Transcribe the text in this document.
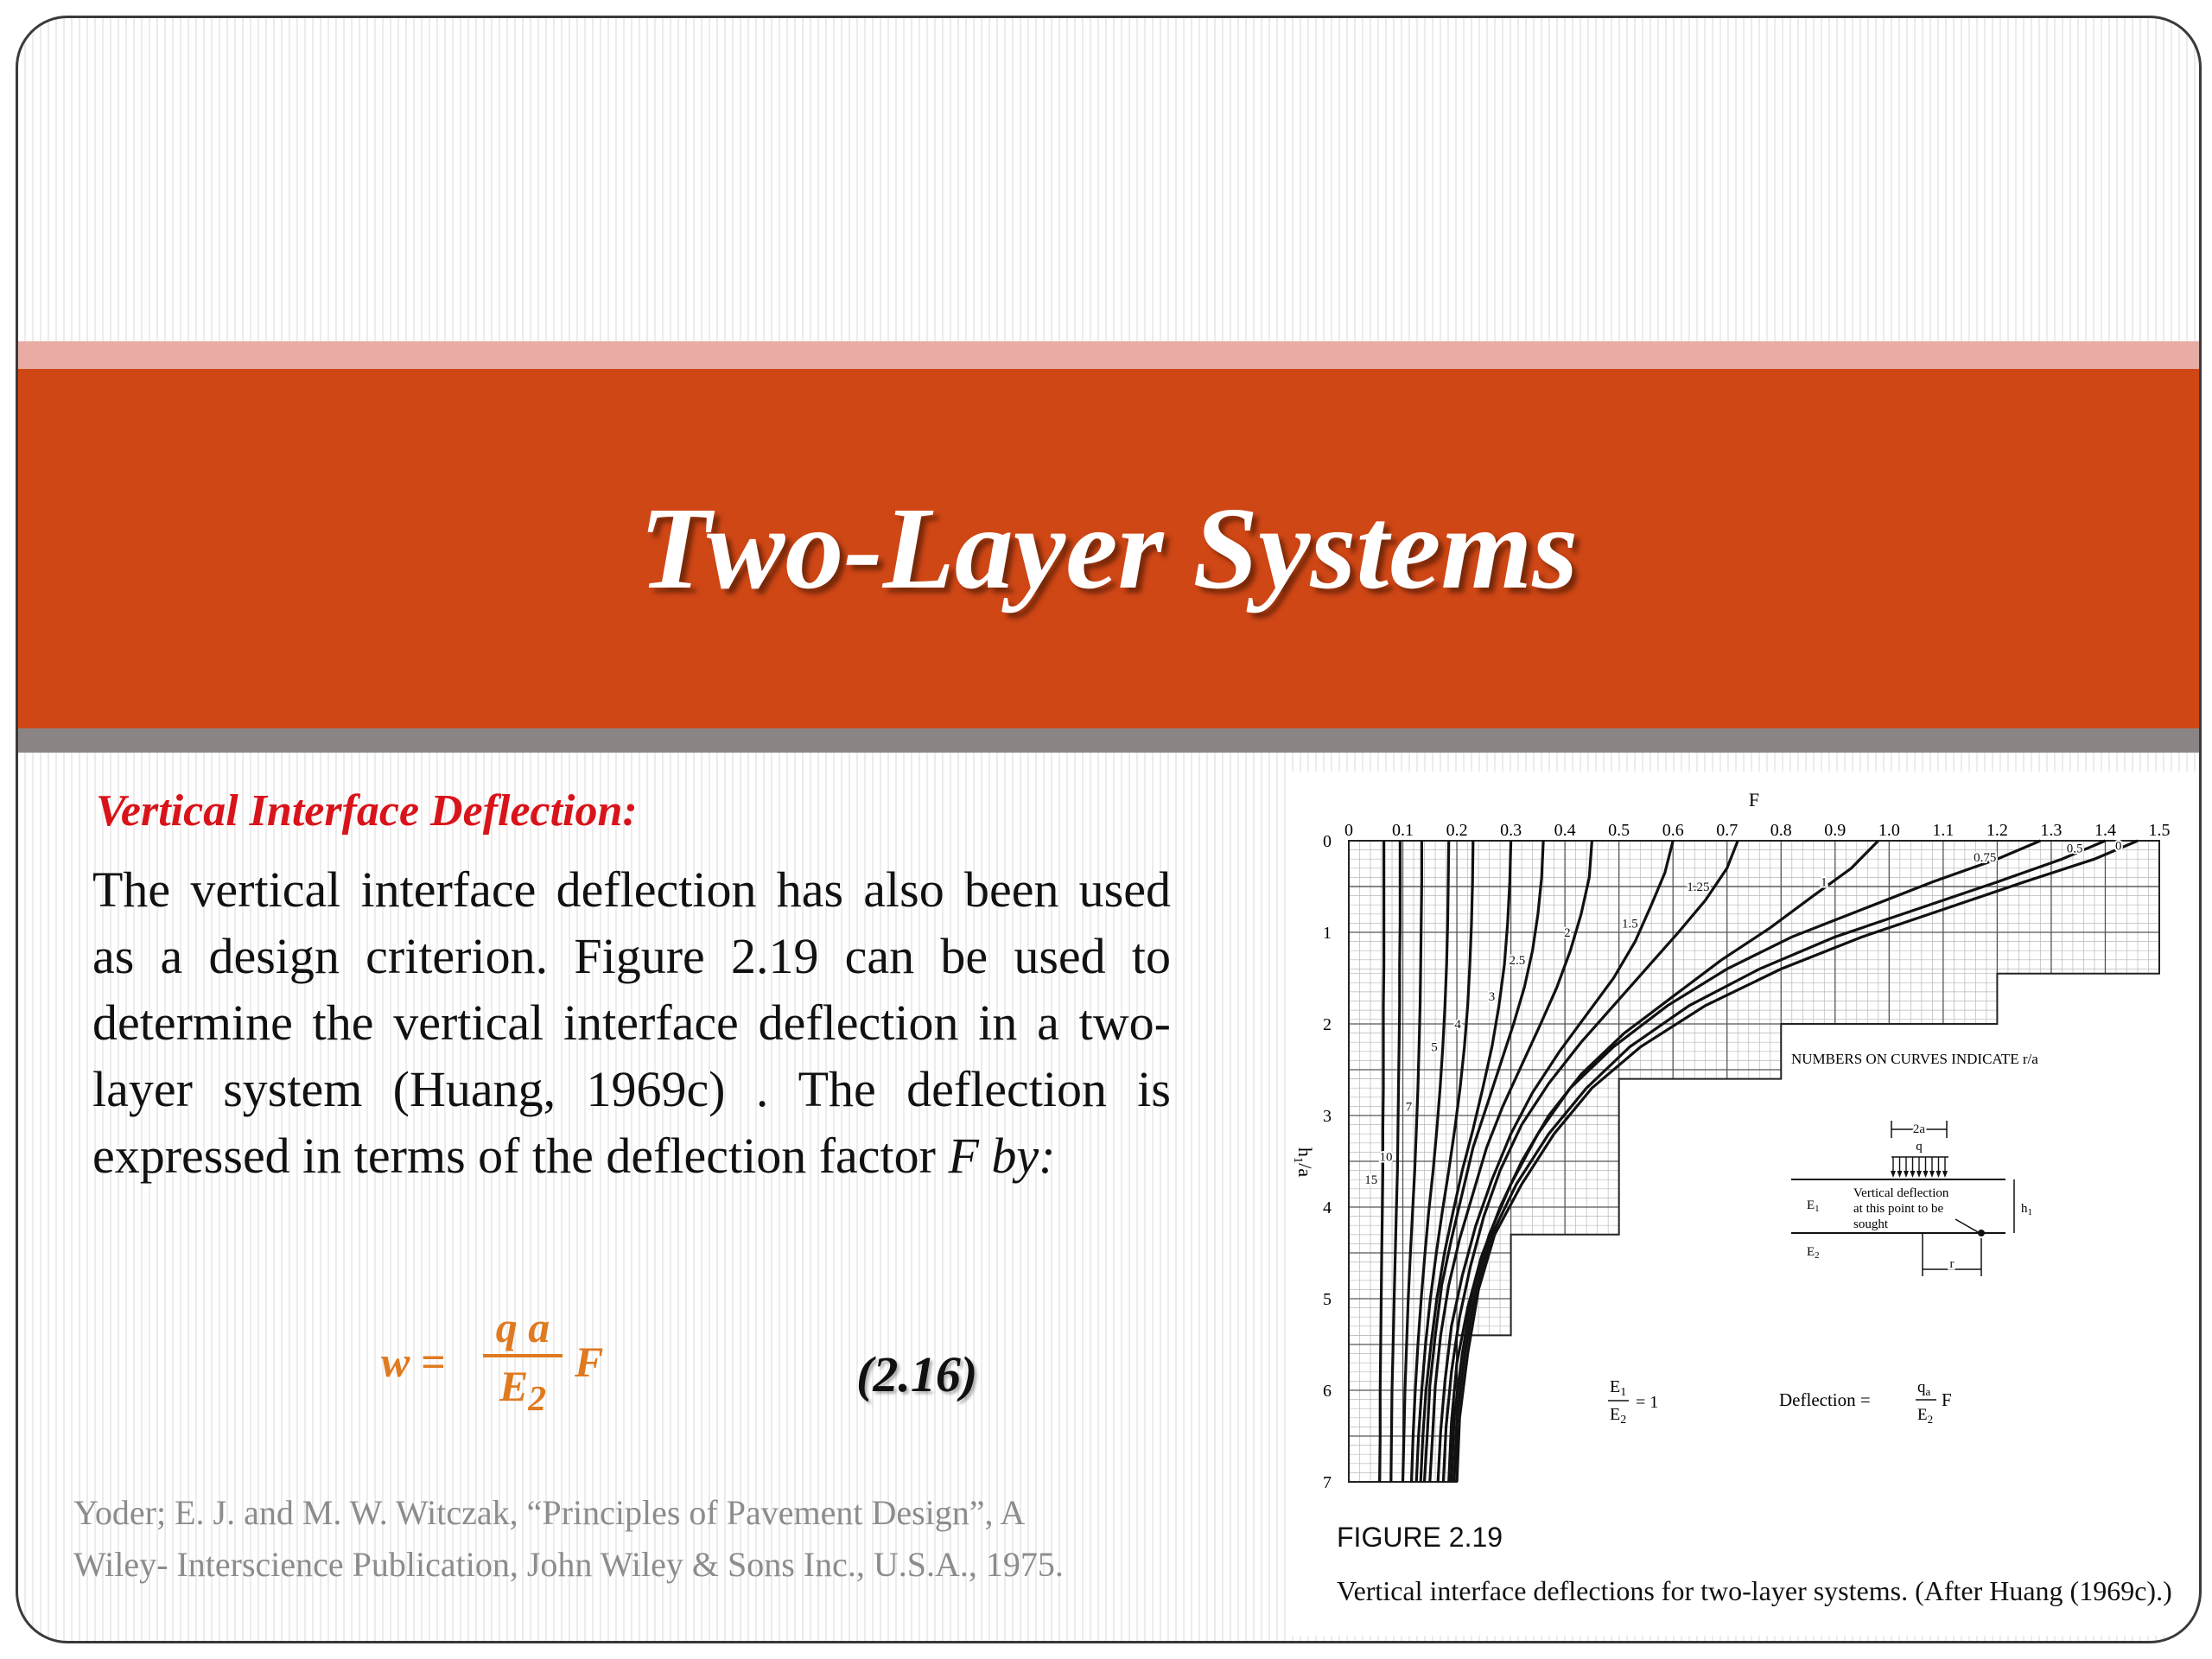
Two-Layer Systems
Vertical Interface Deflection:
The vertical interface deflection has also been used as a design criterion. Figure 2.19 can be used to determine the vertical interface deflection in a two-layer system (Huang, 1969c) . The deflection is expressed in terms of the deflection factor F by:
$w = \frac{\text{q a}}{E_2}$ F	(2.16)
Yoder; E. J. and M. W. Witczak, “Principles of Pavement Design”, A
Wiley- Interscience Publication, John Wiley & Sons Inc., U.S.A., 1975.
0
0.5
0.75
1
1.25
1.5
2
2.5
3
4
5
7
10
15
0 0.1 0.2 0.3 0.4 0.5 0.6 0.7 0.8 0.9 1.0 1.1 1.2 1.3 1.4 1.5
0
1
2
3
4
5
6
7
F
$h_1/a$
NUMBERS ON CURVES INDICATE r/a
2a
q
Vertical deflection
at this point to be
sought
$E_1$
$E_2$
$h_1$
r
$E_1$
$E_2$
= 1	Deflection =
$q_a$
$E_2$
F
FIGURE 2.19
Vertical interface deflections for two-layer systems. (After Huang (1969c).)
